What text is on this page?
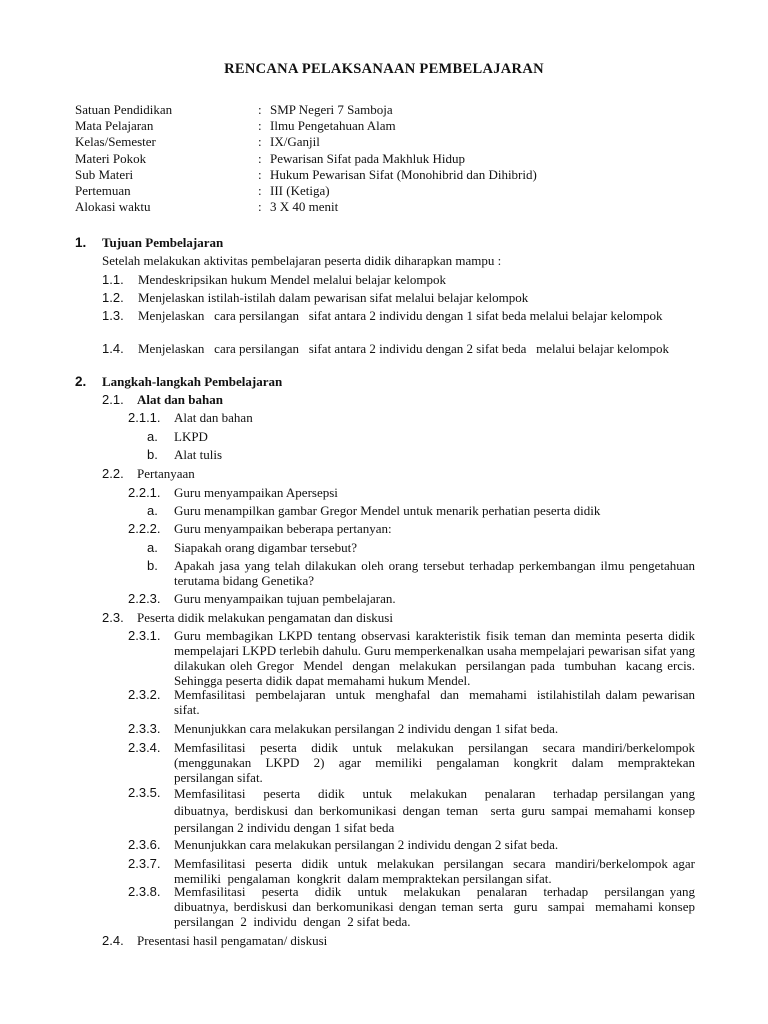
RENCANA PELAKSANAAN PEMBELAJARAN
Satuan Pendidikan	: SMP Negeri 7 Samboja
Mata Pelajaran	: Ilmu Pengetahuan Alam
Kelas/Semester	: IX/Ganjil
Materi Pokok	: Pewarisan Sifat pada Makhluk Hidup
Sub Materi	: Hukum Pewarisan Sifat (Monohibrid dan Dihibrid)
Pertemuan	: III (Ketiga)
Alokasi waktu	: 3 X 40 menit
1.	Tujuan Pembelajaran
Setelah melakukan aktivitas pembelajaran peserta didik diharapkan mampu :
1.1.	Mendeskripsikan hukum Mendel melalui belajar kelompok
1.2.	Menjelaskan istilah-istilah dalam pewarisan sifat melalui belajar kelompok
1.3.	Menjelaskan   cara persilangan   sifat antara 2 individu dengan 1 sifat beda melalui belajar kelompok
1.4.	Menjelaskan   cara persilangan   sifat antara 2 individu dengan 2 sifat beda   melalui belajar kelompok
2.	Langkah-langkah Pembelajaran
2.1.	Alat dan bahan
2.1.1.	Alat dan bahan
a.	LKPD
b.	Alat tulis
2.2.	Pertanyaan
2.2.1.	Guru menyampaikan Apersepsi
a.	Guru menampilkan gambar Gregor Mendel untuk menarik perhatian peserta didik
2.2.2.	Guru menyampaikan beberapa pertanyan:
a.	Siapakah orang digambar tersebut?
b.	Apakah jasa yang telah dilakukan oleh orang tersebut terhadap perkembangan ilmu pengetahuan terutama bidang Genetika?
2.2.3.	Guru menyampaikan tujuan pembelajaran.
2.3.	Peserta didik melakukan pengamatan dan diskusi
2.3.1.	Guru membagikan LKPD tentang observasi karakteristik fisik teman dan meminta peserta didik mempelajari LKPD terlebih dahulu. Guru memperkenalkan usaha mempelajari pewarisan sifat yang dilakukan oleh Gregor  Mendel  dengan  melakukan  persilangan pada  tumbuhan  kacang ercis. Sehingga peserta didik dapat memahami hukum Mendel.
2.3.2.	Memfasilitasi  pembelajaran  untuk  menghafal  dan  memahami  istilahistilah dalam pewarisan sifat.
2.3.3.	Menunjukkan cara melakukan persilangan 2 individu dengan 1 sifat beda.
2.3.4.	Memfasilitasi  peserta  didik  untuk  melakukan  persilangan  secara mandiri/berkelompok (menggunakan  LKPD  2)  agar  memiliki  pengalaman  kongkrit  dalam  mempraktekan persilangan sifat.
2.3.5.	Memfasilitasi   peserta   didik   untuk   melakukan   penalaran   terhadap persilangan yang dibuatnya, berdiskusi dan berkomunikasi dengan teman  serta guru sampai memahami konsep persilangan 2 individu dengan 1 sifat beda
2.3.6.	Menunjukkan cara melakukan persilangan 2 individu dengan 2 sifat beda.
2.3.7.	Memfasilitasi  peserta  didik  untuk  melakukan  persilangan  secara  mandiri/berkelompok agar  memiliki  pengalaman  kongkrit  dalam mempraktekan persilangan sifat.
2.3.8.	Memfasilitasi   peserta   didik   untuk   melakukan   penalaran   terhadap   persilangan yang dibuatnya, berdiskusi dan berkomunikasi dengan teman serta  guru  sampai  memahami konsep  persilangan  2  individu  dengan  2 sifat beda.
2.4.	Presentasi hasil pengamatan/ diskusi
